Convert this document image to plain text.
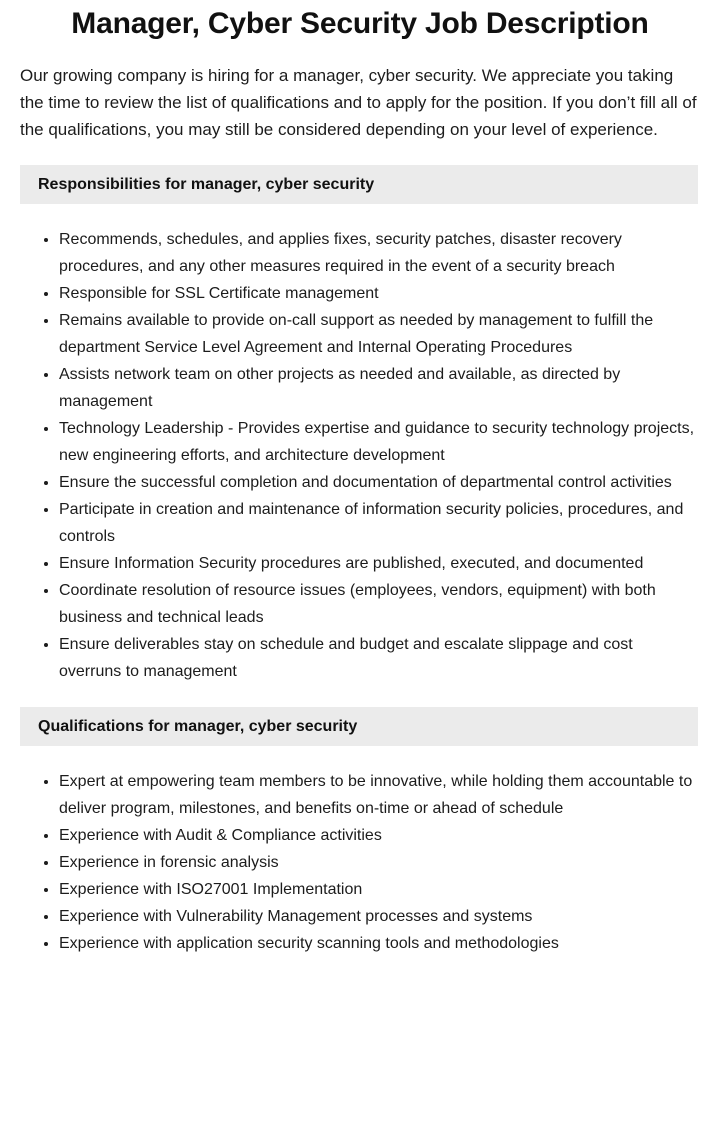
Manager, Cyber Security Job Description

Our growing company is hiring for a manager, cyber security. We appreciate you taking the time to review the list of qualifications and to apply for the position. If you don’t fill all of the qualifications, you may still be considered depending on your level of experience.

Responsibilities for manager, cyber security
Recommends, schedules, and applies fixes, security patches, disaster recovery procedures, and any other measures required in the event of a security breach
Responsible for SSL Certificate management
Remains available to provide on-call support as needed by management to fulfill the department Service Level Agreement and Internal Operating Procedures
Assists network team on other projects as needed and available, as directed by management
Technology Leadership - Provides expertise and guidance to security technology projects, new engineering efforts, and architecture development
Ensure the successful completion and documentation of departmental control activities
Participate in creation and maintenance of information security policies, procedures, and controls
Ensure Information Security procedures are published, executed, and documented
Coordinate resolution of resource issues (employees, vendors, equipment) with both business and technical leads
Ensure deliverables stay on schedule and budget and escalate slippage and cost overruns to management
Qualifications for manager, cyber security
Expert at empowering team members to be innovative, while holding them accountable to deliver program, milestones, and benefits on-time or ahead of schedule
Experience with Audit & Compliance activities
Experience in forensic analysis
Experience with ISO27001 Implementation
Experience with Vulnerability Management processes and systems
Experience with application security scanning tools and methodologies
